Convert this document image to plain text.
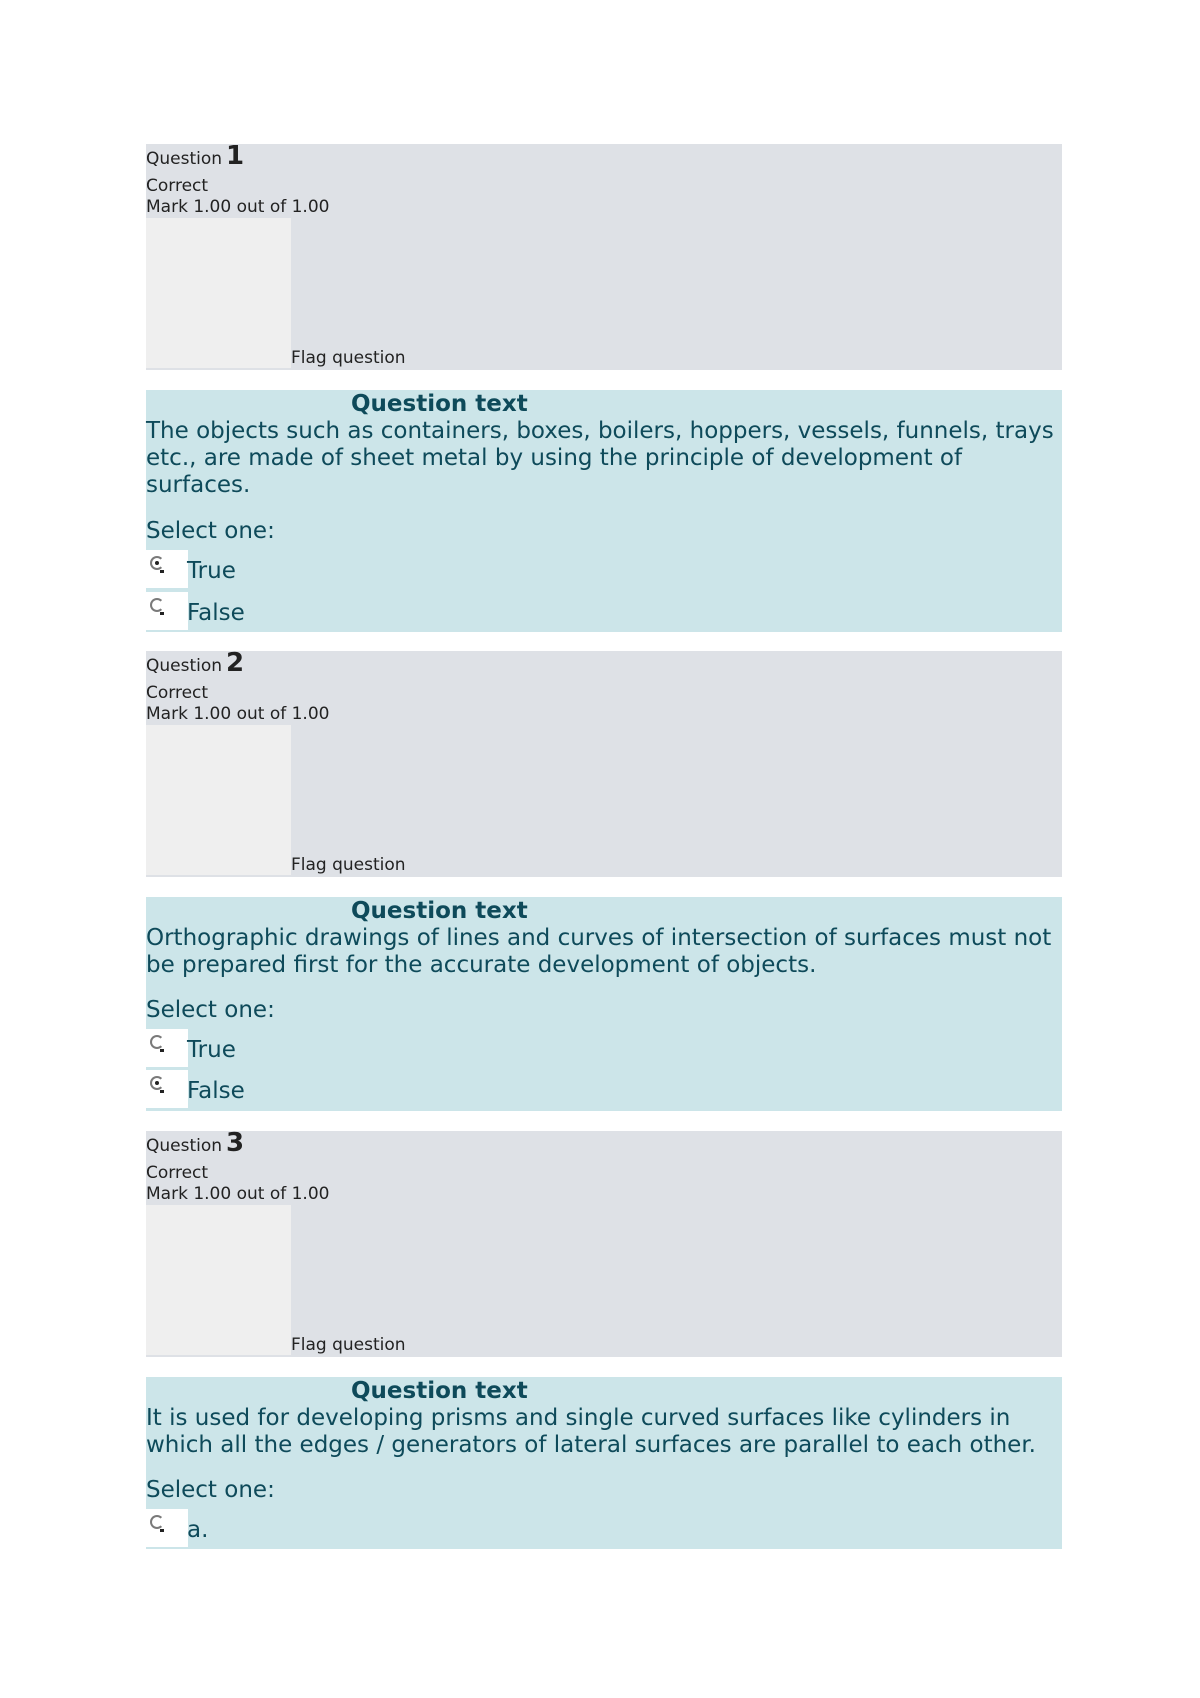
Question 1
Correct
Mark 1.00 out of 1.00
Flag question
Question text
The objects such as containers, boxes, boilers, hoppers, vessels, funnels, trays etc., are made of sheet metal by using the principle of development of surfaces.
Select one:
True
False
Question 2
Correct
Mark 1.00 out of 1.00
Flag question
Question text
Orthographic drawings of lines and curves of intersection of surfaces must not be prepared first for the accurate development of objects.
Select one:
True
False
Question 3
Correct
Mark 1.00 out of 1.00
Flag question
Question text
It is used for developing prisms and single curved surfaces like cylinders in which all the edges / generators of lateral surfaces are parallel to each other.
Select one:
a.
